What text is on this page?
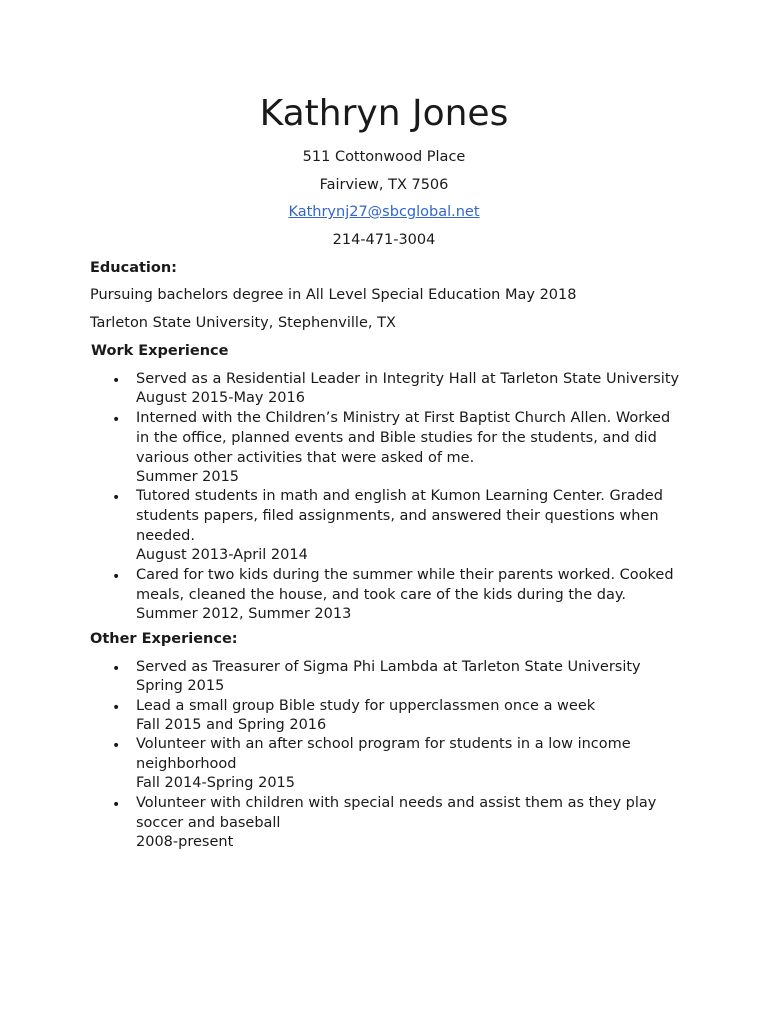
Kathryn Jones
511 Cottonwood Place
Fairview, TX 7506
Kathrynj27@sbcglobal.net
214-471-3004
Education:
Pursuing bachelors degree in All Level Special Education May 2018
Tarleton State University, Stephenville, TX
Work Experience
• Served as a Residential Leader in Integrity Hall at Tarleton State University
August 2015-May 2016
• Interned with the Children’s Ministry at First Baptist Church Allen. Worked in the office, planned events and Bible studies for the students, and did various other activities that were asked of me.
Summer 2015
• Tutored students in math and english at Kumon Learning Center. Graded students papers, filed assignments, and answered their questions when needed.
August 2013-April 2014
• Cared for two kids during the summer while their parents worked. Cooked meals, cleaned the house, and took care of the kids during the day.
Summer 2012, Summer 2013
Other Experience:
• Served as Treasurer of Sigma Phi Lambda at Tarleton State University
Spring 2015
• Lead a small group Bible study for upperclassmen once a week
Fall 2015 and Spring 2016
• Volunteer with an after school program for students in a low income neighborhood
Fall 2014-Spring 2015
• Volunteer with children with special needs and assist them as they play soccer and baseball
2008-present
